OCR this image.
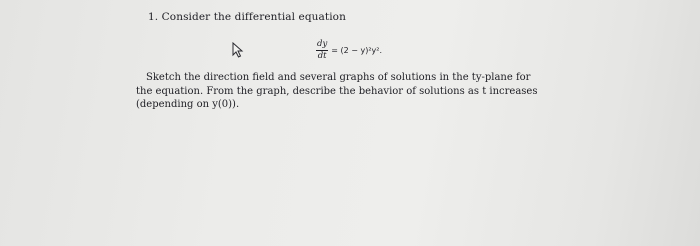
1. Consider the differential equation
$\frac{dy}{dt} = (2 - y)^2y^2$.
Sketch the direction field and several graphs of solutions in the ty-plane for
the equation. From the graph, describe the behavior of solutions as t increases
(depending on y(0)).
